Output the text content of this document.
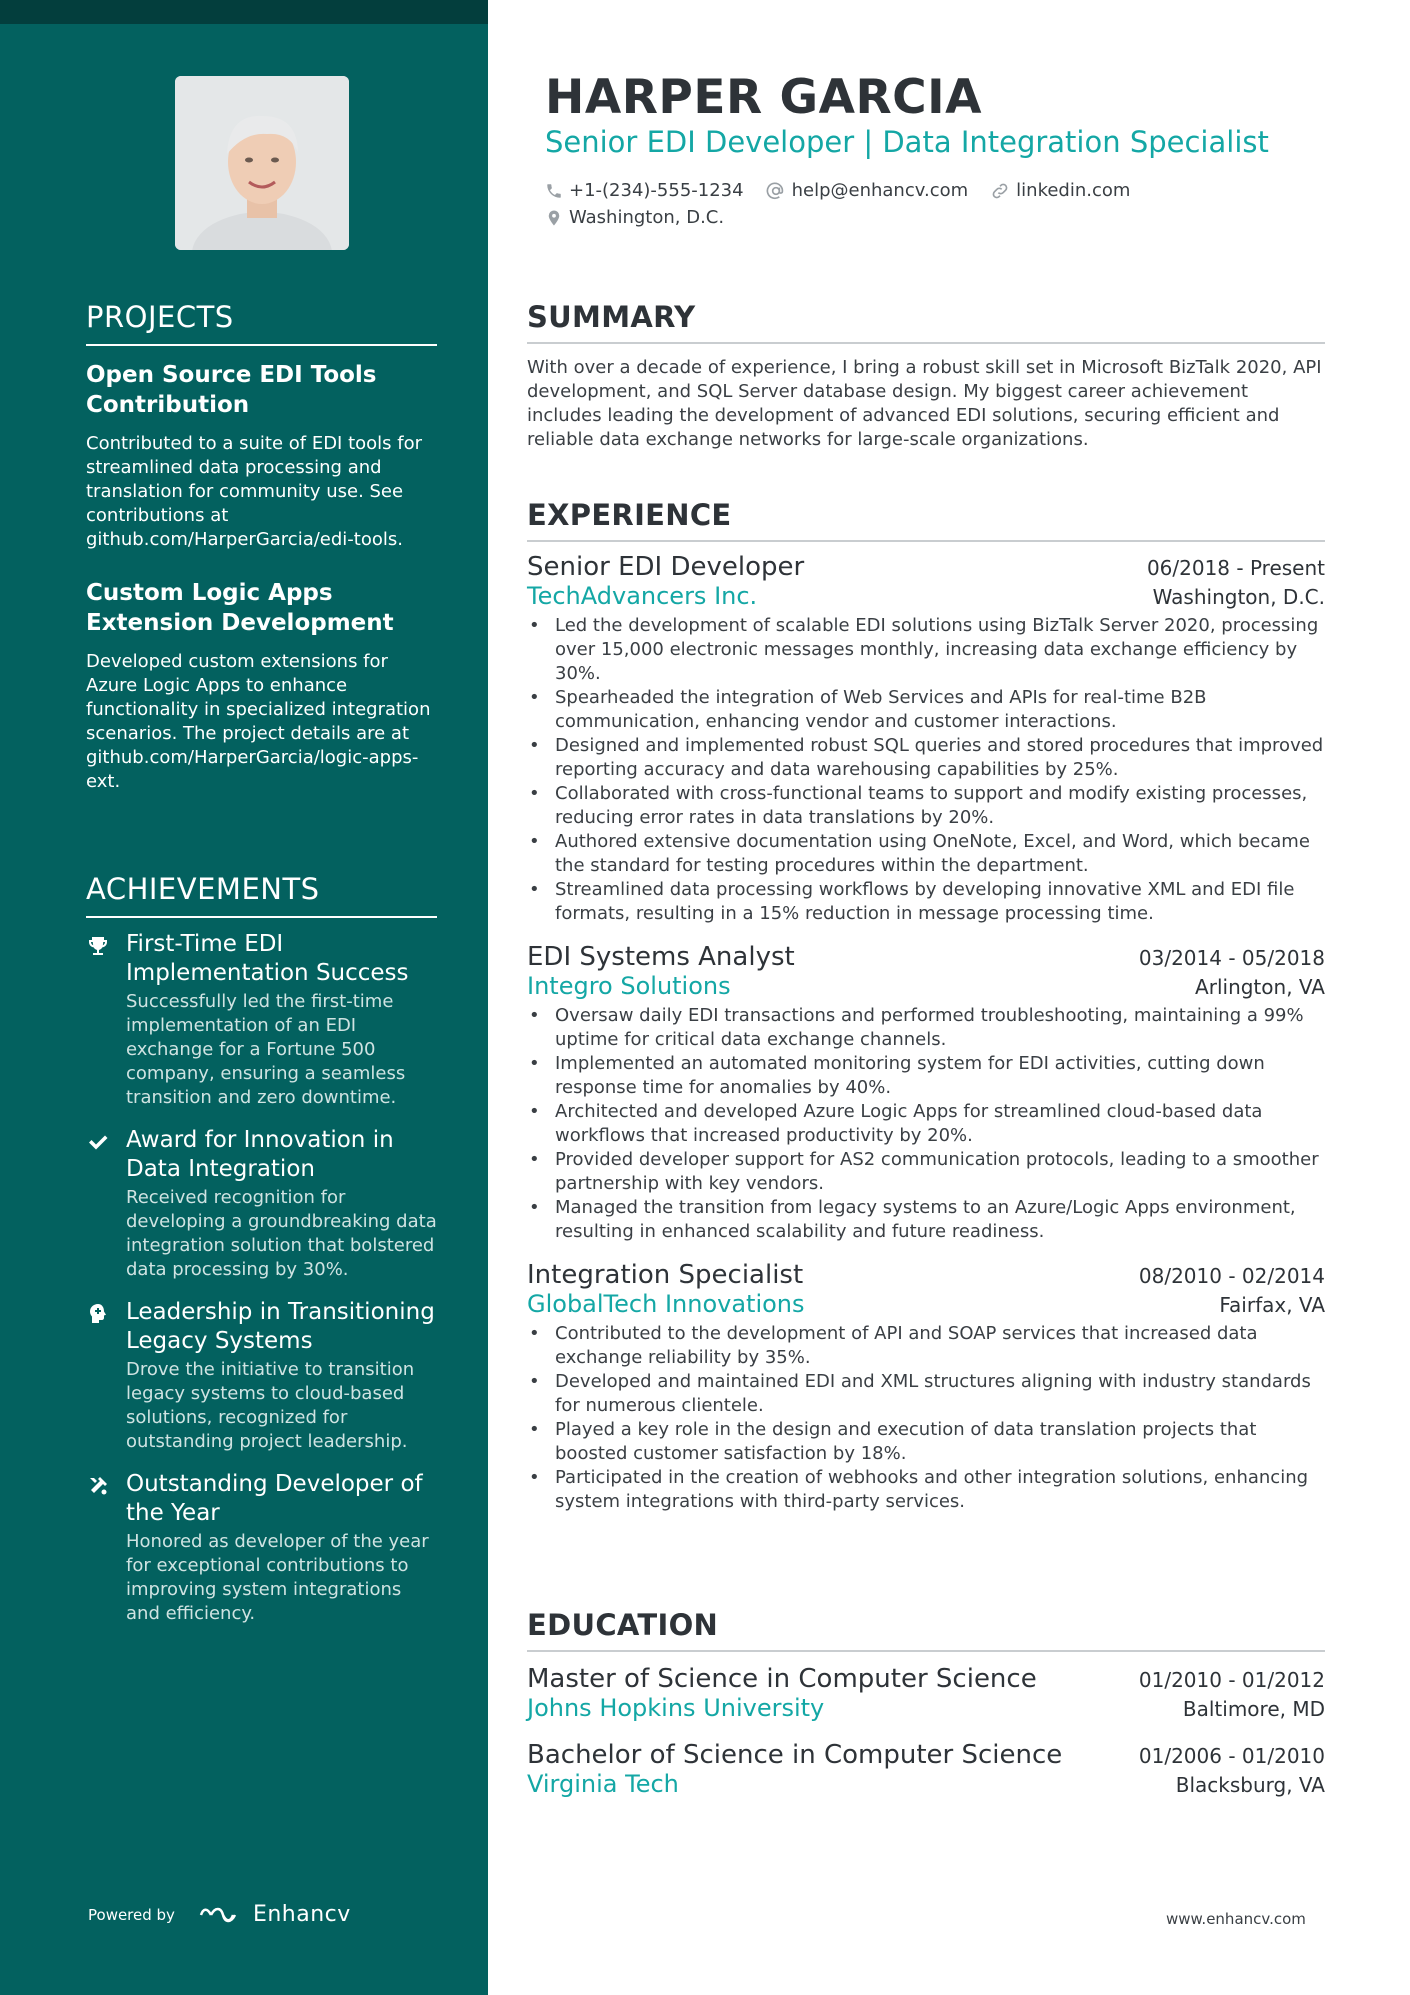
PROJECTS
Open Source EDI Tools Contribution
Contributed to a suite of EDI tools for streamlined data processing and translation for community use. See contributions at github.com/HarperGarcia/edi-tools.
Custom Logic Apps Extension Development
Developed custom extensions for Azure Logic Apps to enhance functionality in specialized integration scenarios. The project details are at github.com/HarperGarcia/logic-apps-ext.
ACHIEVEMENTS
First-Time EDI Implementation Success
Successfully led the first-time implementation of an EDI exchange for a Fortune 500 company, ensuring a seamless transition and zero downtime.
Award for Innovation in Data Integration
Received recognition for developing a groundbreaking data integration solution that bolstered data processing by 30%.
Leadership in Transitioning Legacy Systems
Drove the initiative to transition legacy systems to cloud-based solutions, recognized for outstanding project leadership.
Outstanding Developer of the Year
Honored as developer of the year for exceptional contributions to improving system integrations and efficiency.
Powered by	Enhancv
HARPER GARCIA
Senior EDI Developer | Data Integration Specialist
+1-(234)-555-1234	help@enhancv.com	linkedin.com
Washington, D.C.
SUMMARY
With over a decade of experience, I bring a robust skill set in Microsoft BizTalk 2020, API development, and SQL Server database design. My biggest career achievement includes leading the development of advanced EDI solutions, securing efficient and reliable data exchange networks for large-scale organizations.
EXPERIENCE
Senior EDI Developer	06/2018 - Present
TechAdvancers Inc.	Washington, D.C.
• Led the development of scalable EDI solutions using BizTalk Server 2020, processing over 15,000 electronic messages monthly, increasing data exchange efficiency by 30%.
• Spearheaded the integration of Web Services and APIs for real-time B2B communication, enhancing vendor and customer interactions.
• Designed and implemented robust SQL queries and stored procedures that improved reporting accuracy and data warehousing capabilities by 25%.
• Collaborated with cross-functional teams to support and modify existing processes, reducing error rates in data translations by 20%.
• Authored extensive documentation using OneNote, Excel, and Word, which became the standard for testing procedures within the department.
• Streamlined data processing workflows by developing innovative XML and EDI file formats, resulting in a 15% reduction in message processing time.
EDI Systems Analyst	03/2014 - 05/2018
Integro Solutions	Arlington, VA
• Oversaw daily EDI transactions and performed troubleshooting, maintaining a 99% uptime for critical data exchange channels.
• Implemented an automated monitoring system for EDI activities, cutting down response time for anomalies by 40%.
• Architected and developed Azure Logic Apps for streamlined cloud-based data workflows that increased productivity by 20%.
• Provided developer support for AS2 communication protocols, leading to a smoother partnership with key vendors.
• Managed the transition from legacy systems to an Azure/Logic Apps environment, resulting in enhanced scalability and future readiness.
Integration Specialist	08/2010 - 02/2014
GlobalTech Innovations	Fairfax, VA
• Contributed to the development of API and SOAP services that increased data exchange reliability by 35%.
• Developed and maintained EDI and XML structures aligning with industry standards for numerous clientele.
• Played a key role in the design and execution of data translation projects that boosted customer satisfaction by 18%.
• Participated in the creation of webhooks and other integration solutions, enhancing system integrations with third-party services.
EDUCATION
Master of Science in Computer Science	01/2010 - 01/2012
Johns Hopkins University	Baltimore, MD
Bachelor of Science in Computer Science	01/2006 - 01/2010
Virginia Tech	Blacksburg, VA
www.enhancv.com
